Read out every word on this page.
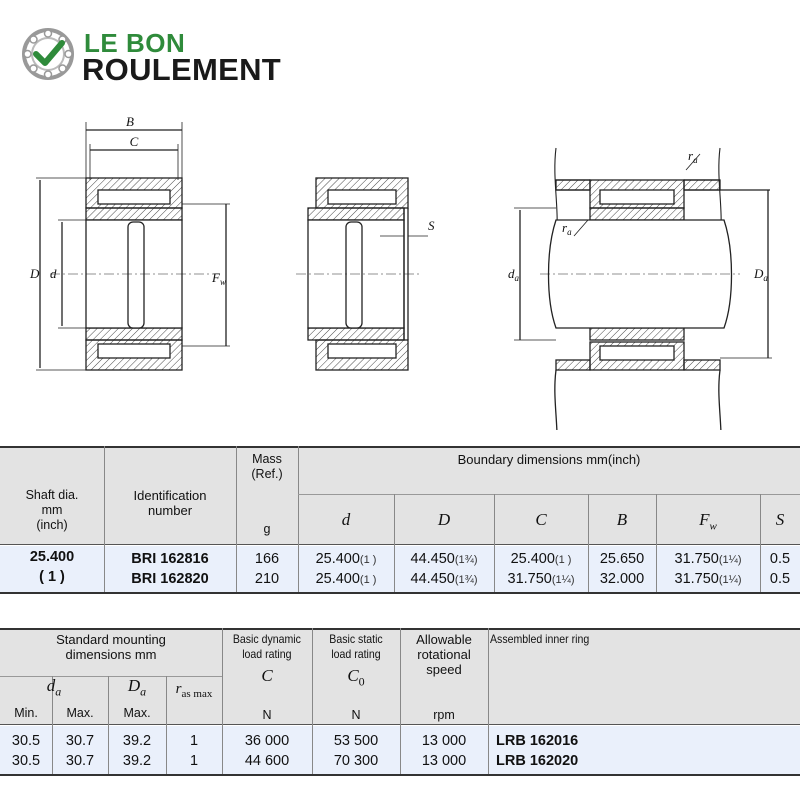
LE BON
ROULEMENT
B
C
D d	$F_w$
S
$r_a$
$r_a$
$d_a$	$D_a$
Shaft dia.
mm
(inch)
Identification
number
Mass
(Ref.)
g
Boundary dimensions mm(inch)
d	D	C	B	$F_w$	S
25.400
( 1 )
BRI 162816	166	25.400(1 )	44.450(1¾)	25.400(1 )	25.650	31.750(1¼)	0.5
BRI 162820	210	25.400(1 )	44.450(1¾)	31.750(1¼)	32.000	31.750(1¼)	0.5
Standard mounting
dimensions mm
$d_a$	$D_a$	$r_{as max}$
Min.	Max.	Max.
Basic dynamic
load rating
C
N
Basic static
load rating
$C_0$
N
Allowable
rotational
speed
rpm
Assembled inner ring
30.5	30.7	39.2	1	36 000	53 500	13 000	LRB 162016
30.5	30.7	39.2	1	44 600	70 300	13 000	LRB 162020
